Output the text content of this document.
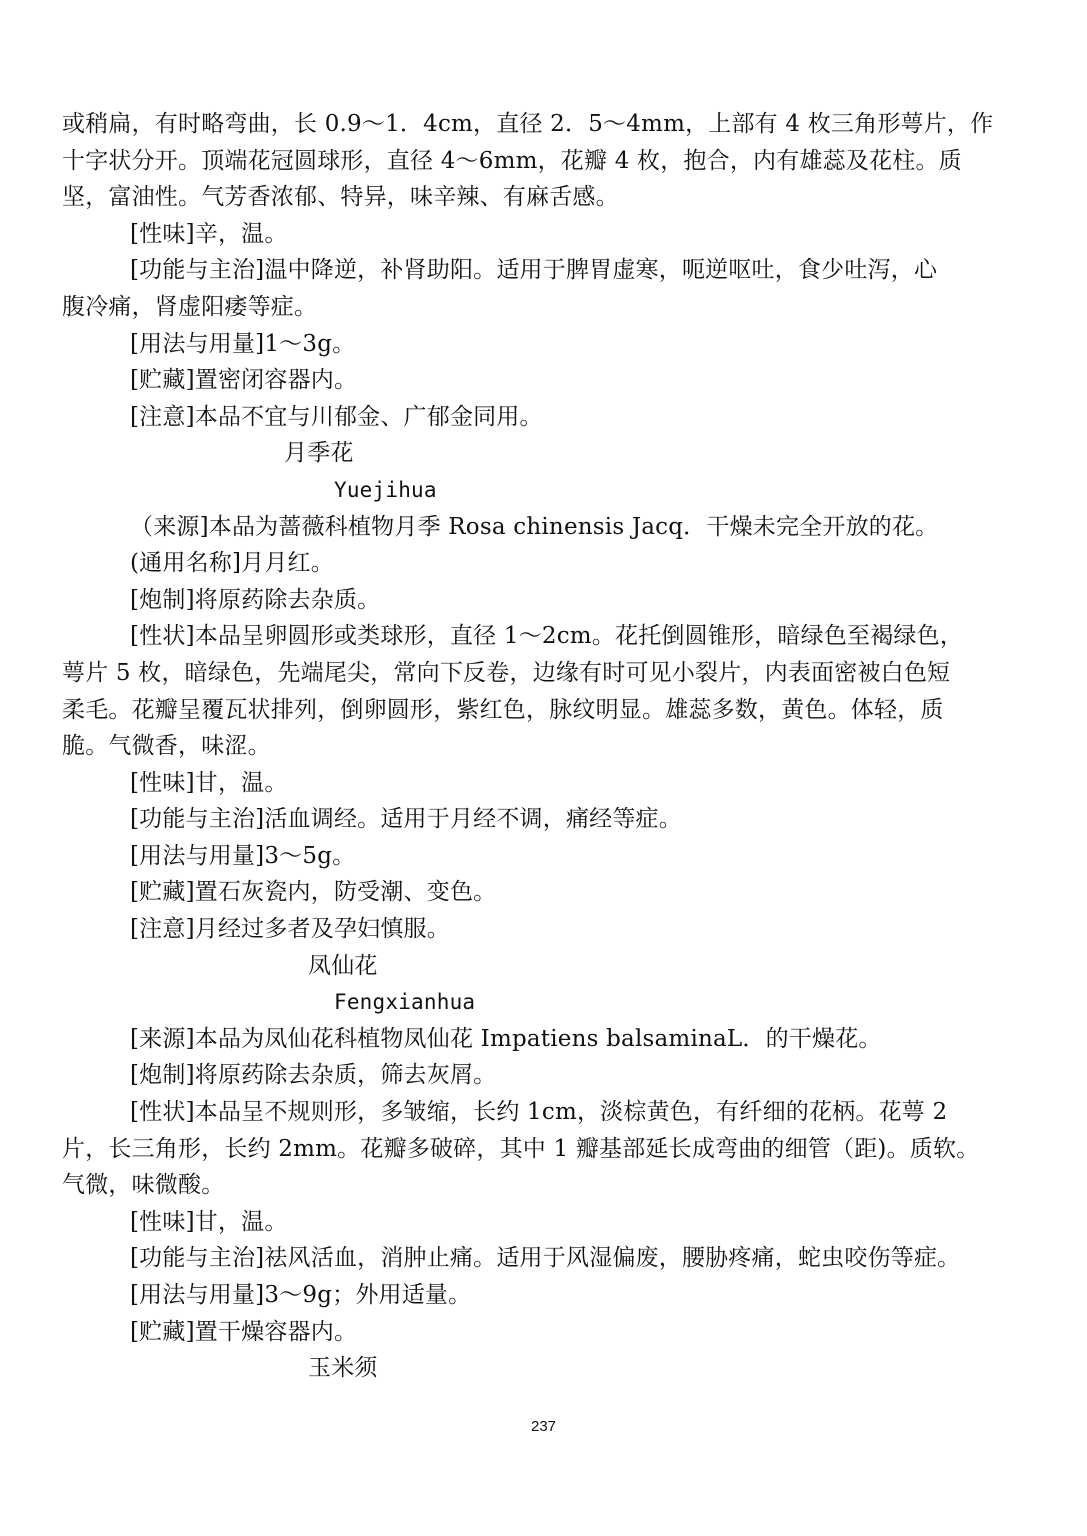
或稍扁，有时略弯曲，长 0.9～1．4cm，直径 2．5～4mm，上部有 4 枚三角形萼片，作
十字状分开。顶端花冠圆球形，直径 4～6mm，花瓣 4 枚，抱合，内有雄蕊及花柱。质
坚，富油性。气芳香浓郁、特异，味辛辣、有麻舌感。
[性味]辛，温。
[功能与主治]温中降逆，补肾助阳。适用于脾胃虚寒，呃逆呕吐，食少吐泻，心
腹冷痛，肾虚阳痿等症。
[用法与用量]1～3g。
[贮藏]置密闭容器内。
[注意]本品不宜与川郁金、广郁金同用。
月季花
Yuejihua
（来源]本品为蔷薇科植物月季 Rosa chinensis Jacq．干燥未完全开放的花。
(通用名称]月月红。
[炮制]将原药除去杂质。
[性状]本品呈卵圆形或类球形，直径 1～2cm。花托倒圆锥形，暗绿色至褐绿色，
萼片 5 枚，暗绿色，先端尾尖，常向下反卷，边缘有时可见小裂片，内表面密被白色短
柔毛。花瓣呈覆瓦状排列，倒卵圆形，紫红色，脉纹明显。雄蕊多数，黄色。体轻，质
脆。气微香，味涩。
[性味]甘，温。
[功能与主治]活血调经。适用于月经不调，痛经等症。
[用法与用量]3～5g。
[贮藏]置石灰瓷内，防受潮、变色。
[注意]月经过多者及孕妇慎服。
凤仙花
Fengxianhua
[来源]本品为凤仙花科植物凤仙花 Impatiens balsaminaL．的干燥花。
[炮制]将原药除去杂质，筛去灰屑。
[性状]本品呈不规则形，多皱缩，长约 1cm，淡棕黄色，有纤细的花柄。花萼 2
片，长三角形，长约 2mm。花瓣多破碎，其中 1 瓣基部延长成弯曲的细管（距)。质软。
气微，味微酸。
[性味]甘，温。
[功能与主治]祛风活血，消肿止痛。适用于风湿偏废，腰胁疼痛，蛇虫咬伤等症。
[用法与用量]3～9g；外用适量。
[贮藏]置干燥容器内。
玉米须
237
